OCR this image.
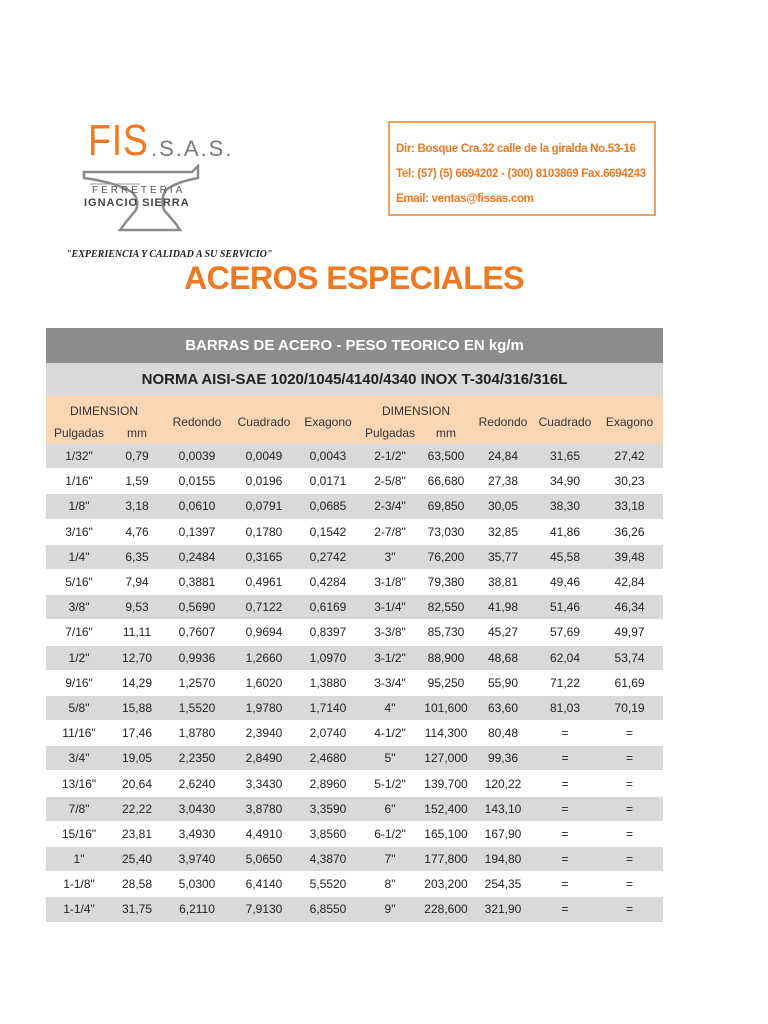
FIS .S.A.S.
FERRETERIA
IGNACIO SIERRA
"EXPERIENCIA Y CALIDAD A SU SERVICIO"
Dir: Bosque Cra.32 calle de la giralda No.53-16
Tel: (57) (5) 6694202 - (300) 8103869 Fax.6694243
Email: ventas@fissas.com
ACEROS ESPECIALES
BARRAS DE ACERO - PESO TEORICO EN kg/m									
NORMA AISI-SAE 1020/1045/4140/4340 INOX T-304/316/316L									
DIMENSION		Redondo	Cuadrado	Exagono	DIMENSION		Redondo	Cuadrado	Exagono
Pulgadas	mm				Pulgadas	mm			
1/32"	0,79	0,0039	0,0049	0,0043	2-1/2"	63,500	24,84	31,65	27,42
1/16"	1,59	0,0155	0,0196	0,0171	2-5/8"	66,680	27,38	34,90	30,23
1/8"	3,18	0,0610	0,0791	0,0685	2-3/4"	69,850	30,05	38,30	33,18
3/16"	4,76	0,1397	0,1780	0,1542	2-7/8"	73,030	32,85	41,86	36,26
1/4"	6,35	0,2484	0,3165	0,2742	3"	76,200	35,77	45,58	39,48
5/16"	7,94	0,3881	0,4961	0,4284	3-1/8"	79,380	38,81	49,46	42,84
3/8"	9,53	0,5690	0,7122	0,6169	3-1/4"	82,550	41,98	51,46	46,34
7/16"	11,11	0,7607	0,9694	0,8397	3-3/8"	85,730	45,27	57,69	49,97
1/2"	12,70	0,9936	1,2660	1,0970	3-1/2"	88,900	48,68	62,04	53,74
9/16"	14,29	1,2570	1,6020	1,3880	3-3/4"	95,250	55,90	71,22	61,69
5/8"	15,88	1,5520	1,9780	1,7140	4"	101,600	63,60	81,03	70,19
11/16"	17,46	1,8780	2,3940	2,0740	4-1/2"	114,300	80,48	=	=
3/4"	19,05	2,2350	2,8490	2,4680	5"	127,000	99,36	=	=
13/16"	20,64	2,6240	3,3430	2,8960	5-1/2"	139,700	120,22	=	=
7/8"	22,22	3,0430	3,8780	3,3590	6"	152,400	143,10	=	=
15/16"	23,81	3,4930	4,4910	3,8560	6-1/2"	165,100	167,90	=	=
1"	25,40	3,9740	5,0650	4,3870	7"	177,800	194,80	=	=
1-1/8"	28,58	5,0300	6,4140	5,5520	8"	203,200	254,35	=	=
1-1/4"	31,75	6,2110	7,9130	6,8550	9"	228,600	321,90	=	=
